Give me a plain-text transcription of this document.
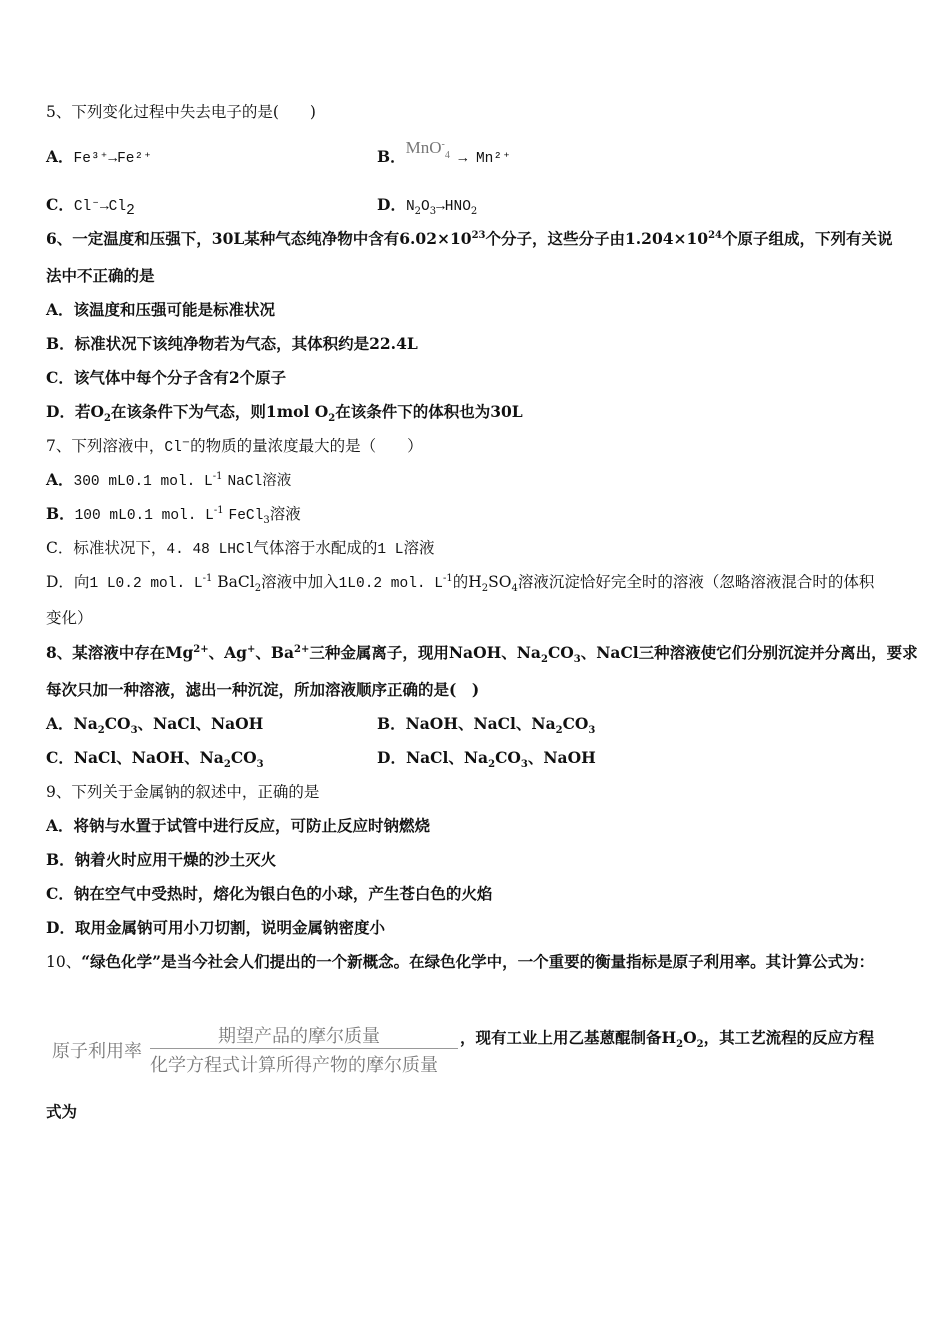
5、下列变化过程中失去电子的是(　　)
A．Fe³⁺→Fe²⁺	B．MnO-$_4$ → Mn²⁺
C．$Cl^-\to Cl_2$	D．$N_2O_3\to HNO_2$
6、一定温度和压强下，30L某种气态纯净物中含有$6.02\times 10^{23}$个分子，这些分子由$1.204\times 10^{24}$个原子组成，下列有关说
法中不正确的是
A．该温度和压强可能是标准状况
B．标准状况下该纯净物若为气态，其体积约是22.4L
C．该气体中每个分子含有2个原子
D．若$O_2$在该条件下为气态，则1mol $O_2$在该条件下的体积也为30L
7、下列溶液中，Cl−的物质的量浓度最大的是（　　）
A．300 mL0.1 mol. $L^{-1}$ NaCl溶液
B．100 mL0.1 mol. $L^{-1}$ FeCl$_3$溶液
C．标准状况下，4. 48 LHCl气体溶于水配成的1 L溶液
D．向1 L0.2 mol. $L^{-1}$ BaCl$_2$溶液中加入1L0.2 mol. $L^{-1}$的$H_2SO_4$溶液沉淀恰好完全时的溶液（忽略溶液混合时的体积
变化）
8、某溶液中存在$Mg^{2+}$、Ag+、$Ba^{2+}$三种金属离子，现用NaOH、$Na_2CO_3$、NaCl三种溶液使它们分别沉淀并分离出，要求
每次只加一种溶液，滤出一种沉淀，所加溶液顺序正确的是(　)
A．$Na_2CO_3$、NaCl、NaOH	B．NaOH、NaCl、$Na_2CO_3$
C．NaCl、NaOH、$Na_2CO_3$	D．NaCl、$Na_2CO_3$、NaOH
9、下列关于金属钠的叙述中，正确的是
A．将钠与水置于试管中进行反应，可防止反应时钠燃烧
B．钠着火时应用干燥的沙土灭火
C．钠在空气中受热时，熔化为银白色的小球，产生苍白色的火焰
D．取用金属钠可用小刀切割，说明金属钠密度小
10、“绿色化学”是当今社会人们提出的一个新概念。在绿色化学中，一个重要的衡量指标是原子利用率。其计算公式为：
原子利用率
期望产品的摩尔质量
化学方程式计算所得产物的摩尔质量
，现有工业上用乙基蒽醌制备$H_2O_2$，其工艺流程的反应方程
式为
